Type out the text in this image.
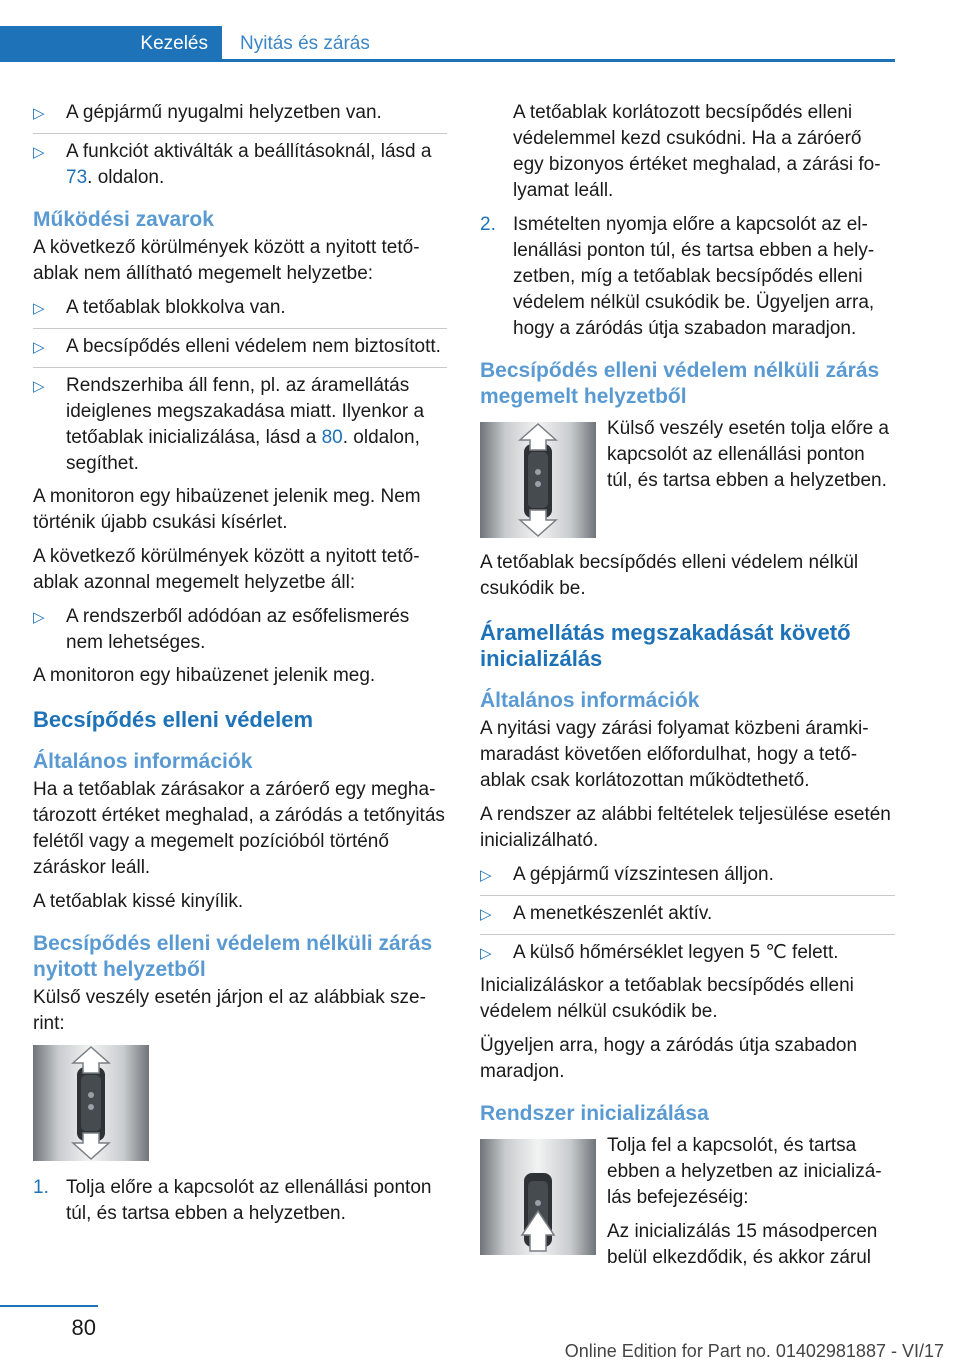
Kezelés	Nyitás és zárás
▷ A gépjármű nyugalmi helyzetben van.
▷ A funkciót aktiválták a beállításoknál, lásd a 73. oldalon.
Működési zavarok

A következő körülmények között a nyitott tetőablak nem állítható megemelt helyzetbe:

▷ A tetőablak blokkolva van.
▷ A becsípődés elleni védelem nem biztosított.
▷ Rendszerhiba áll fenn, pl. az áramellátás ideiglenes megszakadása miatt. Ilyenkor a tetőablak inicializálása, lásd a 80. oldalon, segíthet.

A monitoron egy hibaüzenet jelenik meg. Nem történik újabb csukási kísérlet.

A következő körülmények között a nyitott tetőablak azonnal megemelt helyzetbe áll:

▷ A rendszerből adódóan az esőfelismerés nem lehetséges.

A monitoron egy hibaüzenet jelenik meg.

Becsípődés elleni védelem
Általános információk

Ha a tetőablak zárásakor a záróerő egy meghatározott értéket meghalad, a záródás a tetőnyitás felétől vagy a megemelt pozícióból történő záráskor leáll.

A tetőablak kissé kinyílik.

Becsípődés elleni védelem nélküli zárás nyitott helyzetből

Külső veszély esetén járjon el az alábbiak szerint:

1. Tolja előre a kapcsolót az ellenállási ponton túl, és tartsa ebben a helyzetben.

A tetőablak korlátozott becsípődés elleni védelemmel kezd csukódni. Ha a záróerő egy bizonyos értéket meghalad, a zárási folyamat leáll.

2. Ismételten nyomja előre a kapcsolót az ellenállási ponton túl, és tartsa ebben a helyzetben, míg a tetőablak becsípődés elleni védelem nélkül csukódik be. Ügyeljen arra, hogy a záródás útja szabadon maradjon.
Becsípődés elleni védelem nélküli zárás megemelt helyzetből

Külső veszély esetén tolja előre a kapcsolót az ellenállási ponton túl, és tartsa ebben a helyzetben.

A tetőablak becsípődés elleni védelem nélkül csukódik be.

Áramellátás megszakadását követő inicializálás
Általános információk

A nyitási vagy zárási folyamat közbeni áramkimaradást követően előfordulhat, hogy a tetőablak csak korlátozottan működtethető.

A rendszer az alábbi feltételek teljesülése esetén inicializálható.

▷ A gépjármű vízszintesen álljon.
▷ A menetkészenlét aktív.
▷ A külső hőmérséklet legyen 5 ℃ felett.

Inicializáláskor a tetőablak becsípődés elleni védelem nélkül csukódik be.

Ügyeljen arra, hogy a záródás útja szabadon maradjon.

Rendszer inicializálása

Tolja fel a kapcsolót, és tartsa ebben a helyzetben az inicializálás befejezéséig:

Az inicializálás 15 másodpercen belül elkezdődik, és akkor zárul

80
Online Edition for Part no. 01402981887 - VI/17
